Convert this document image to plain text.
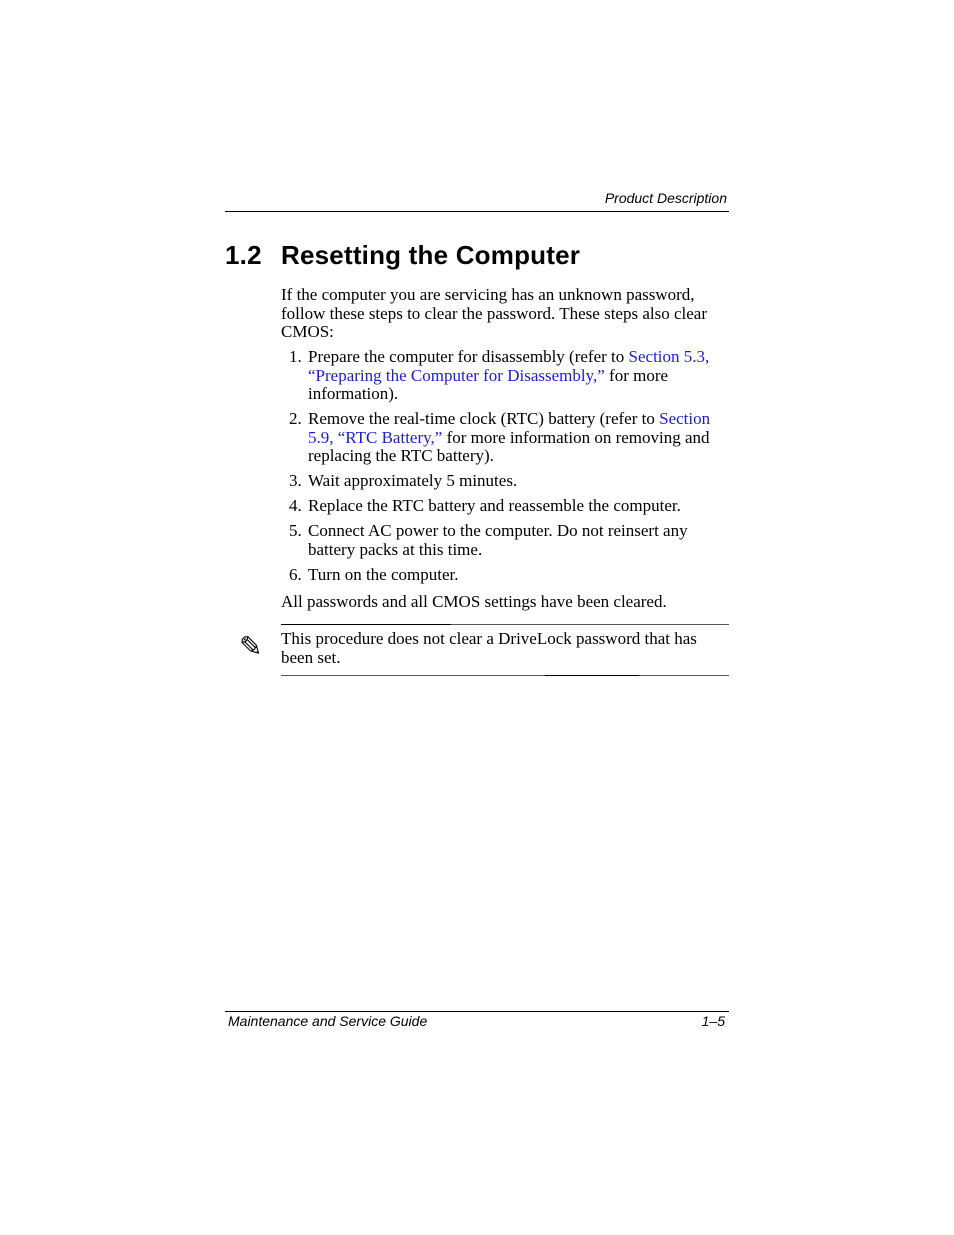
Product Description
1.2 Resetting the Computer

If the computer you are servicing has an unknown password, follow these steps to clear the password. These steps also clear CMOS:

1. Prepare the computer for disassembly (refer to Section 5.3, “Preparing the Computer for Disassembly,” for more information).
2. Remove the real-time clock (RTC) battery (refer to Section 5.9, “RTC Battery,” for more information on removing and replacing the RTC battery).
3. Wait approximately 5 minutes.
4. Replace the RTC battery and reassemble the computer.
5. Connect AC power to the computer. Do not reinsert any battery packs at this time.
6. Turn on the computer.

All passwords and all CMOS settings have been cleared.

✎ This procedure does not clear a DriveLock password that has been set.

Maintenance and Service Guide	1–5
